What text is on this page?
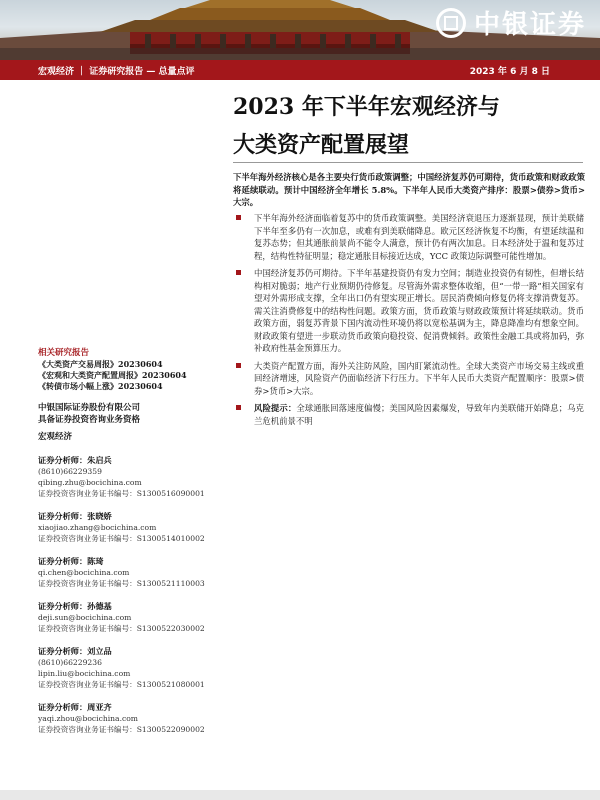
中银证券
宏观经济 ｜ 证券研究报告 — 总量点评	2023 年 6 月 8 日
2023 年下半年宏观经济与
大类资产配置展望
下半年海外经济核心是各主要央行货币政策调整；中国经济复苏仍可期待，货币政策和财政政策将延续联动。预计中国经济全年增长 5.8%。下半年人民币大类资产排序：股票>债券>货币>大宗。
下半年海外经济面临着复苏中的货币政策调整。美国经济衰退压力逐渐显现，预计美联储下半年至多仍有一次加息，或难有到美联储降息。欧元区经济恢复不均衡，有望延续温和复苏态势；但其通胀前景尚不能令人满意，预计仍有两次加息。日本经济处于温和复苏过程，结构性特征明显；稳定通胀目标接近达成，YCC 政策边际调整可能性增加。
中国经济复苏仍可期待。下半年基建投资仍有发力空间；制造业投资仍有韧性，但增长结构相对脆弱；地产行业预期仍待修复。尽管海外需求整体收缩，但“一带一路”相关国家有望对外需形成支撑，全年出口仍有望实现正增长。居民消费倾向修复仍将支撑消费复苏。需关注消费修复中的结构性问题。政策方面，货币政策与财政政策预计将延续联动。货币政策方面，弱复苏背景下国内流动性环境仍将以宽松基调为主，降息降准均有想象空间。财政政策有望进一步联动货币政策向稳投资、促消费倾斜。政策性金融工具或将加码，弥补政府性基金预算压力。
大类资产配置方面，海外关注防风险，国内盯紧流动性。全球大类资产市场交易主线或重回经济增速，风险资产仍面临经济下行压力。下半年人民币大类资产配置顺序：股票>债券>货币>大宗。
风险提示：全球通胀回落速度偏慢；美国风险因素爆发，导致年内美联储开始降息；乌克兰危机前景不明
相关研究报告
《大类资产交易周报》20230604
《宏观和大类资产配置周报》20230604
《转债市场小幅上涨》20230604
中银国际证券股份有限公司
具备证券投资咨询业务资格
宏观经济
证券分析师：朱启兵
(8610)66229359
qibing.zhu@bocichina.com
证券投资咨询业务证书编号：S1300516090001
证券分析师：张晓娇
xiaojiao.zhang@bocichina.com
证券投资咨询业务证书编号：S1300514010002
证券分析师：陈琦
qi.chen@bocichina.com
证券投资咨询业务证书编号：S1300521110003
证券分析师：孙德基
deji.sun@bocichina.com
证券投资咨询业务证书编号：S1300522030002
证券分析师：刘立品
(8610)66229236
lipin.liu@bocichina.com
证券投资咨询业务证书编号：S1300521080001
证券分析师：周亚齐
yaqi.zhou@bocichina.com
证券投资咨询业务证书编号：S1300522090002
